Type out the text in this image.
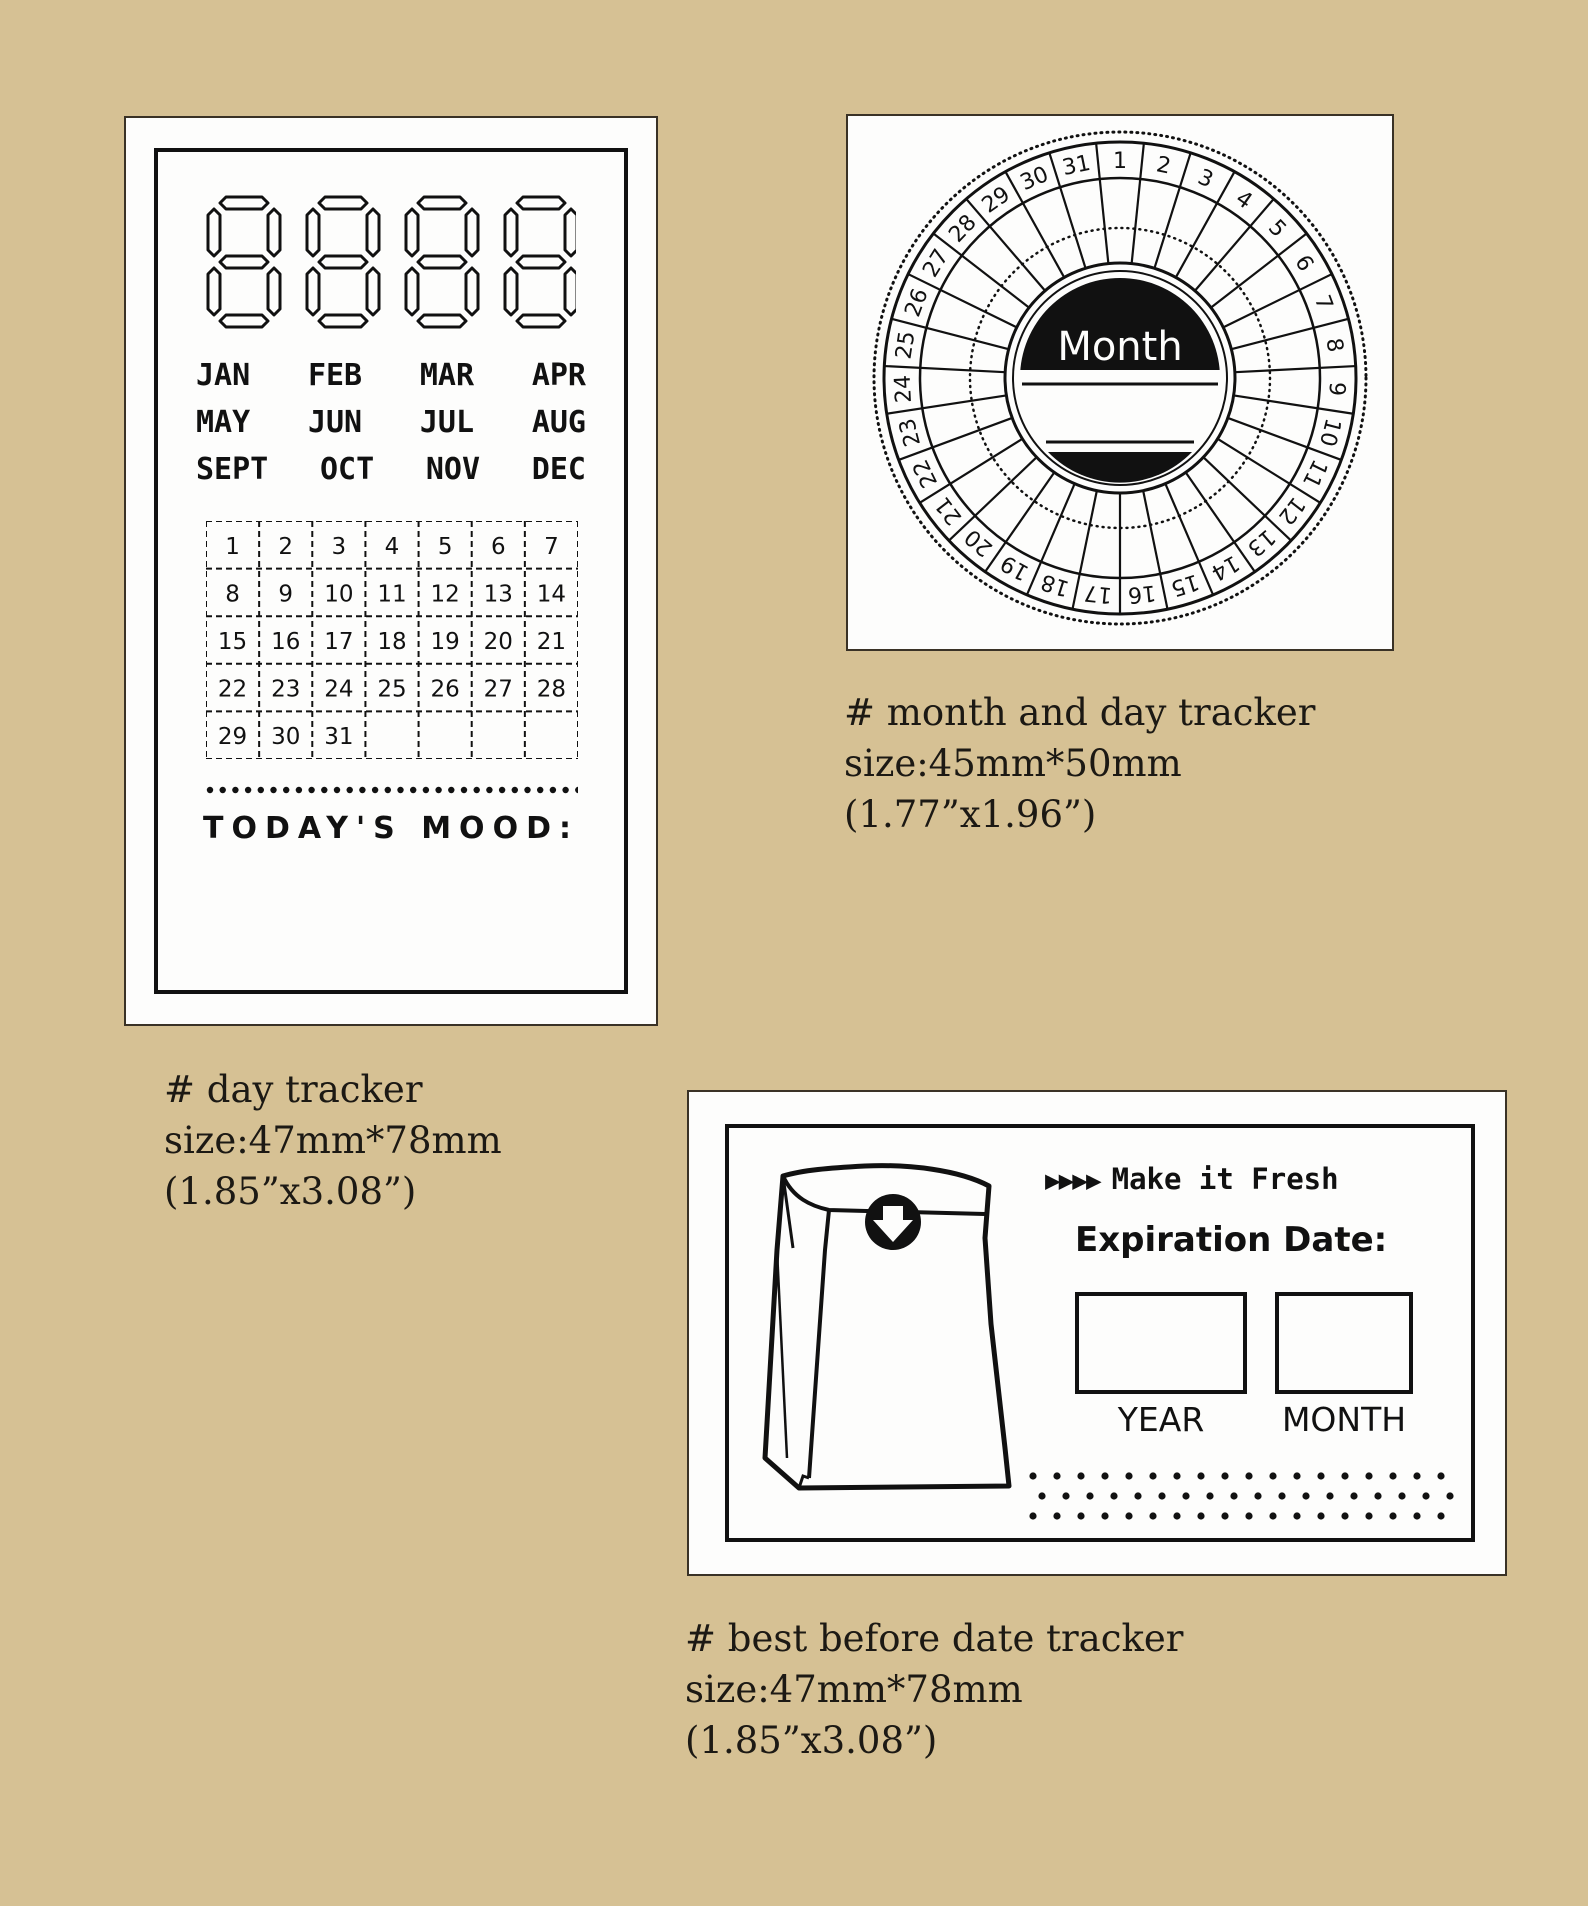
JAN FEB MAR APR
MAY JUN JUL AUG
SEPT OCT NOV DEC
1 2 3 4 5 6 7
8 9 10 11 12 13 14
15 16 17 18 19 20 21
22 23 24 25 26 27 28
29 30 31
TODAY'S MOOD:
# day tracker
size:47mm*78mm
(1.85”x3.08”)
1 2 3
4
5
6
7
8
9
10
11
12
13
14
15
16
17
18
19
20
21
22
23
24
25
26
27
28
29
30 31
Month
# month and day tracker
size:45mm*50mm
(1.77”x1.96”)
▶▶▶▶ Make it Fresh
Expiration Date:
YEAR	MONTH
# best before date tracker
size:47mm*78mm
(1.85”x3.08”)
